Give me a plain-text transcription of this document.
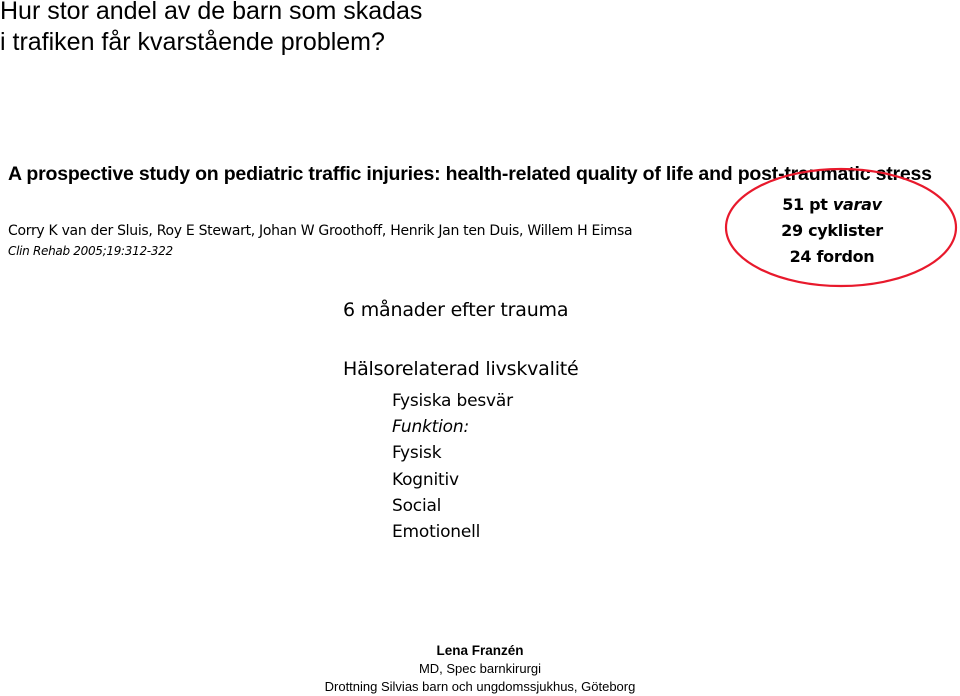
Hur stor andel av de barn som skadas
i trafiken får kvarstående problem?

A prospective study on pediatric traffic injuries: health-related quality of life and post-traumatic stress

Corry K van der Sluis, Roy E Stewart, Johan W Groothoff, Henrik Jan ten Duis, Willem H Eimsa

Clin Rehab 2005;19:312-322

51 pt varav
29 cyklister
24 fordon
6 månader efter trauma
Hälsorelaterad livskvalité
Fysiska besvär
Funktion:
Fysisk
Kognitiv
Social
Emotionell
Lena Franzén
MD, Spec barnkirurgi
Drottning Silvias barn och ungdomssjukhus, Göteborg
